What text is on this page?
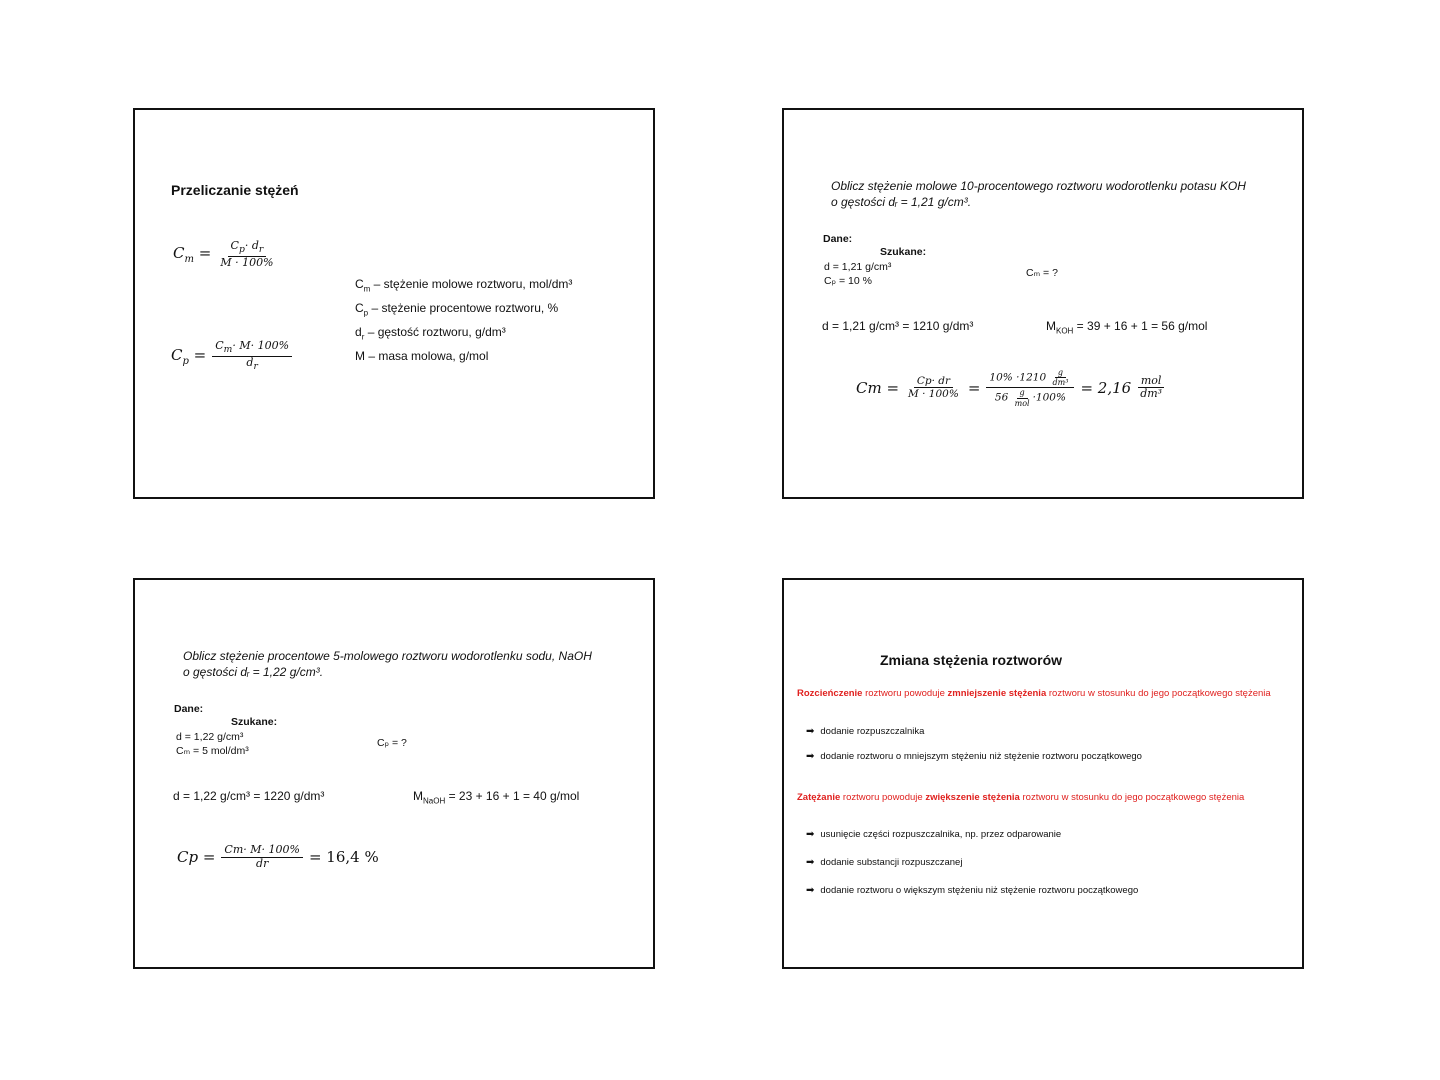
Przeliczanie stężeń
$C_m = \frac{C_p\cdot d_r}{M \cdot 100\%}$
$C_p = \frac{C_m\cdot M\cdot 100\%}{d_r}$
$C_m$ – stężenie molowe roztworu, mol/dm³
$C_p$ – stężenie procentowe roztworu, %
$d_r$ – gęstość roztworu, g/dm³
M – masa molowa, g/mol
Oblicz stężenie molowe 10-procentowego roztworu wodorotlenku potasu KOH
o gęstości dᵣ = 1,21 g/cm³.
Dane:
Szukane:
d = 1,21 g/cm³
Cₚ = 10 %
Cₘ = ?
d = 1,21 g/cm³ = 1210 g/dm³	$M_{KOH} = 39 + 16 + 1 = 56$ g/mol
$Cm = \frac{Cp\cdot dr}{M \cdot 100\%} = \frac{10\% \cdot 1210 \frac{g}{\text{dm³}}}{56 \frac{g}{\text{mol}} \cdot 100\%} = 2,16 \frac{\text{mol}}{\text{dm³}}$
Oblicz stężenie procentowe 5-molowego roztworu wodorotlenku sodu, NaOH
o gęstości dᵣ = 1,22 g/cm³.
Dane:
Szukane:
d = 1,22 g/cm³
Cₘ = 5 mol/dm³
Cₚ = ?
d = 1,22 g/cm³ = 1220 g/dm³	$M_{NaOH} = 23 + 16 + 1 = 40$ g/mol
$Cp = \frac{Cm\cdot M\cdot 100\%}{dr} = 16,4$ %
Zmiana stężenia roztworów
Rozcieńczenie roztworu powoduje zmniejszenie stężenia roztworu w stosunku do jego początkowego stężenia
➡ dodanie rozpuszczalnika
➡ dodanie roztworu o mniejszym stężeniu niż stężenie roztworu początkowego
Zatężanie roztworu powoduje zwiększenie stężenia roztworu w stosunku do jego początkowego stężenia
➡ usunięcie części rozpuszczalnika, np. przez odparowanie
➡ dodanie substancji rozpuszczanej
➡ dodanie roztworu o większym stężeniu niż stężenie roztworu początkowego
